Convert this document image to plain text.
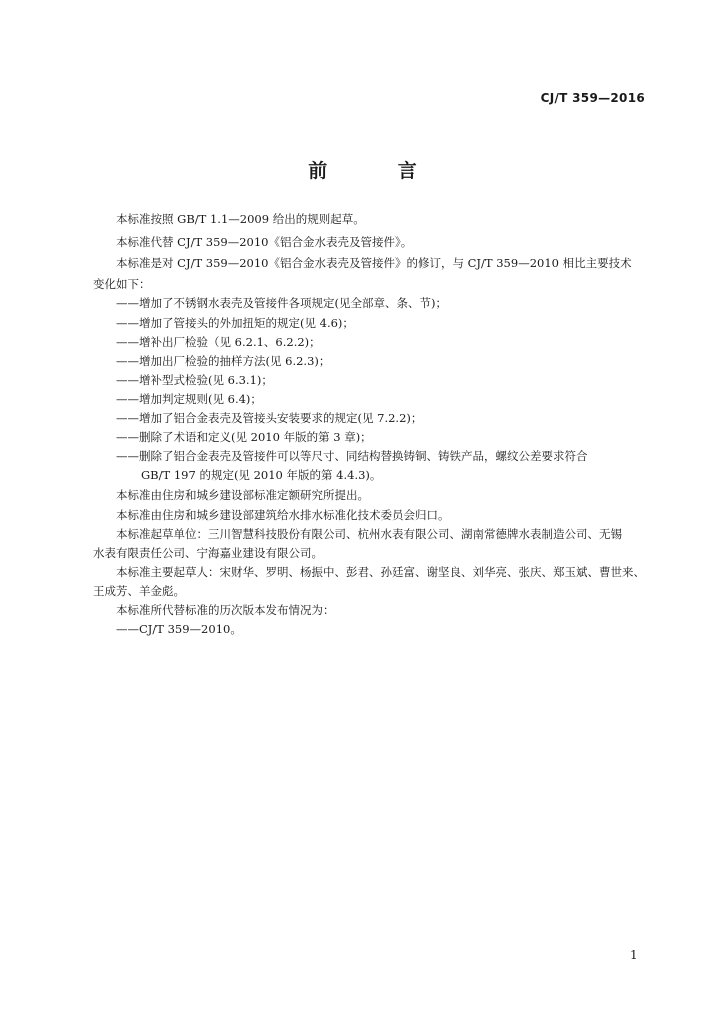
CJ/T 359—2016
前 言
本标准按照 GB/T 1.1—2009 给出的规则起草。
本标准代替 CJ/T 359—2010《铝合金水表壳及管接件》。
本标准是对 CJ/T 359—2010《铝合金水表壳及管接件》的修订，与 CJ/T 359—2010 相比主要技术
变化如下：
——增加了不锈钢水表壳及管接件各项规定(见全部章、条、节)；
——增加了管接头的外加扭矩的规定(见 4.6)；
——增补出厂检验（见 6.2.1、6.2.2)；
——增加出厂检验的抽样方法(见 6.2.3)；
——增补型式检验(见 6.3.1)；
——增加判定规则(见 6.4)；
——增加了铝合金表壳及管接头安装要求的规定(见 7.2.2)；
——删除了术语和定义(见 2010 年版的第 3 章)；
——删除了铝合金表壳及管接件可以等尺寸、同结构替换铸铜、铸铁产品，螺纹公差要求符合
GB/T 197 的规定(见 2010 年版的第 4.4.3)。
本标准由住房和城乡建设部标准定额研究所提出。
本标准由住房和城乡建设部建筑给水排水标准化技术委员会归口。
本标准起草单位：三川智慧科技股份有限公司、杭州水表有限公司、湖南常德牌水表制造公司、无锡
水表有限责任公司、宁海嘉业建设有限公司。
本标准主要起草人：宋财华、罗明、杨振中、彭君、孙廷富、谢坚良、刘华亮、张庆、郑玉斌、曹世来、
王成芳、羊金彪。
本标准所代替标准的历次版本发布情况为：
——CJ/T 359—2010。
1
